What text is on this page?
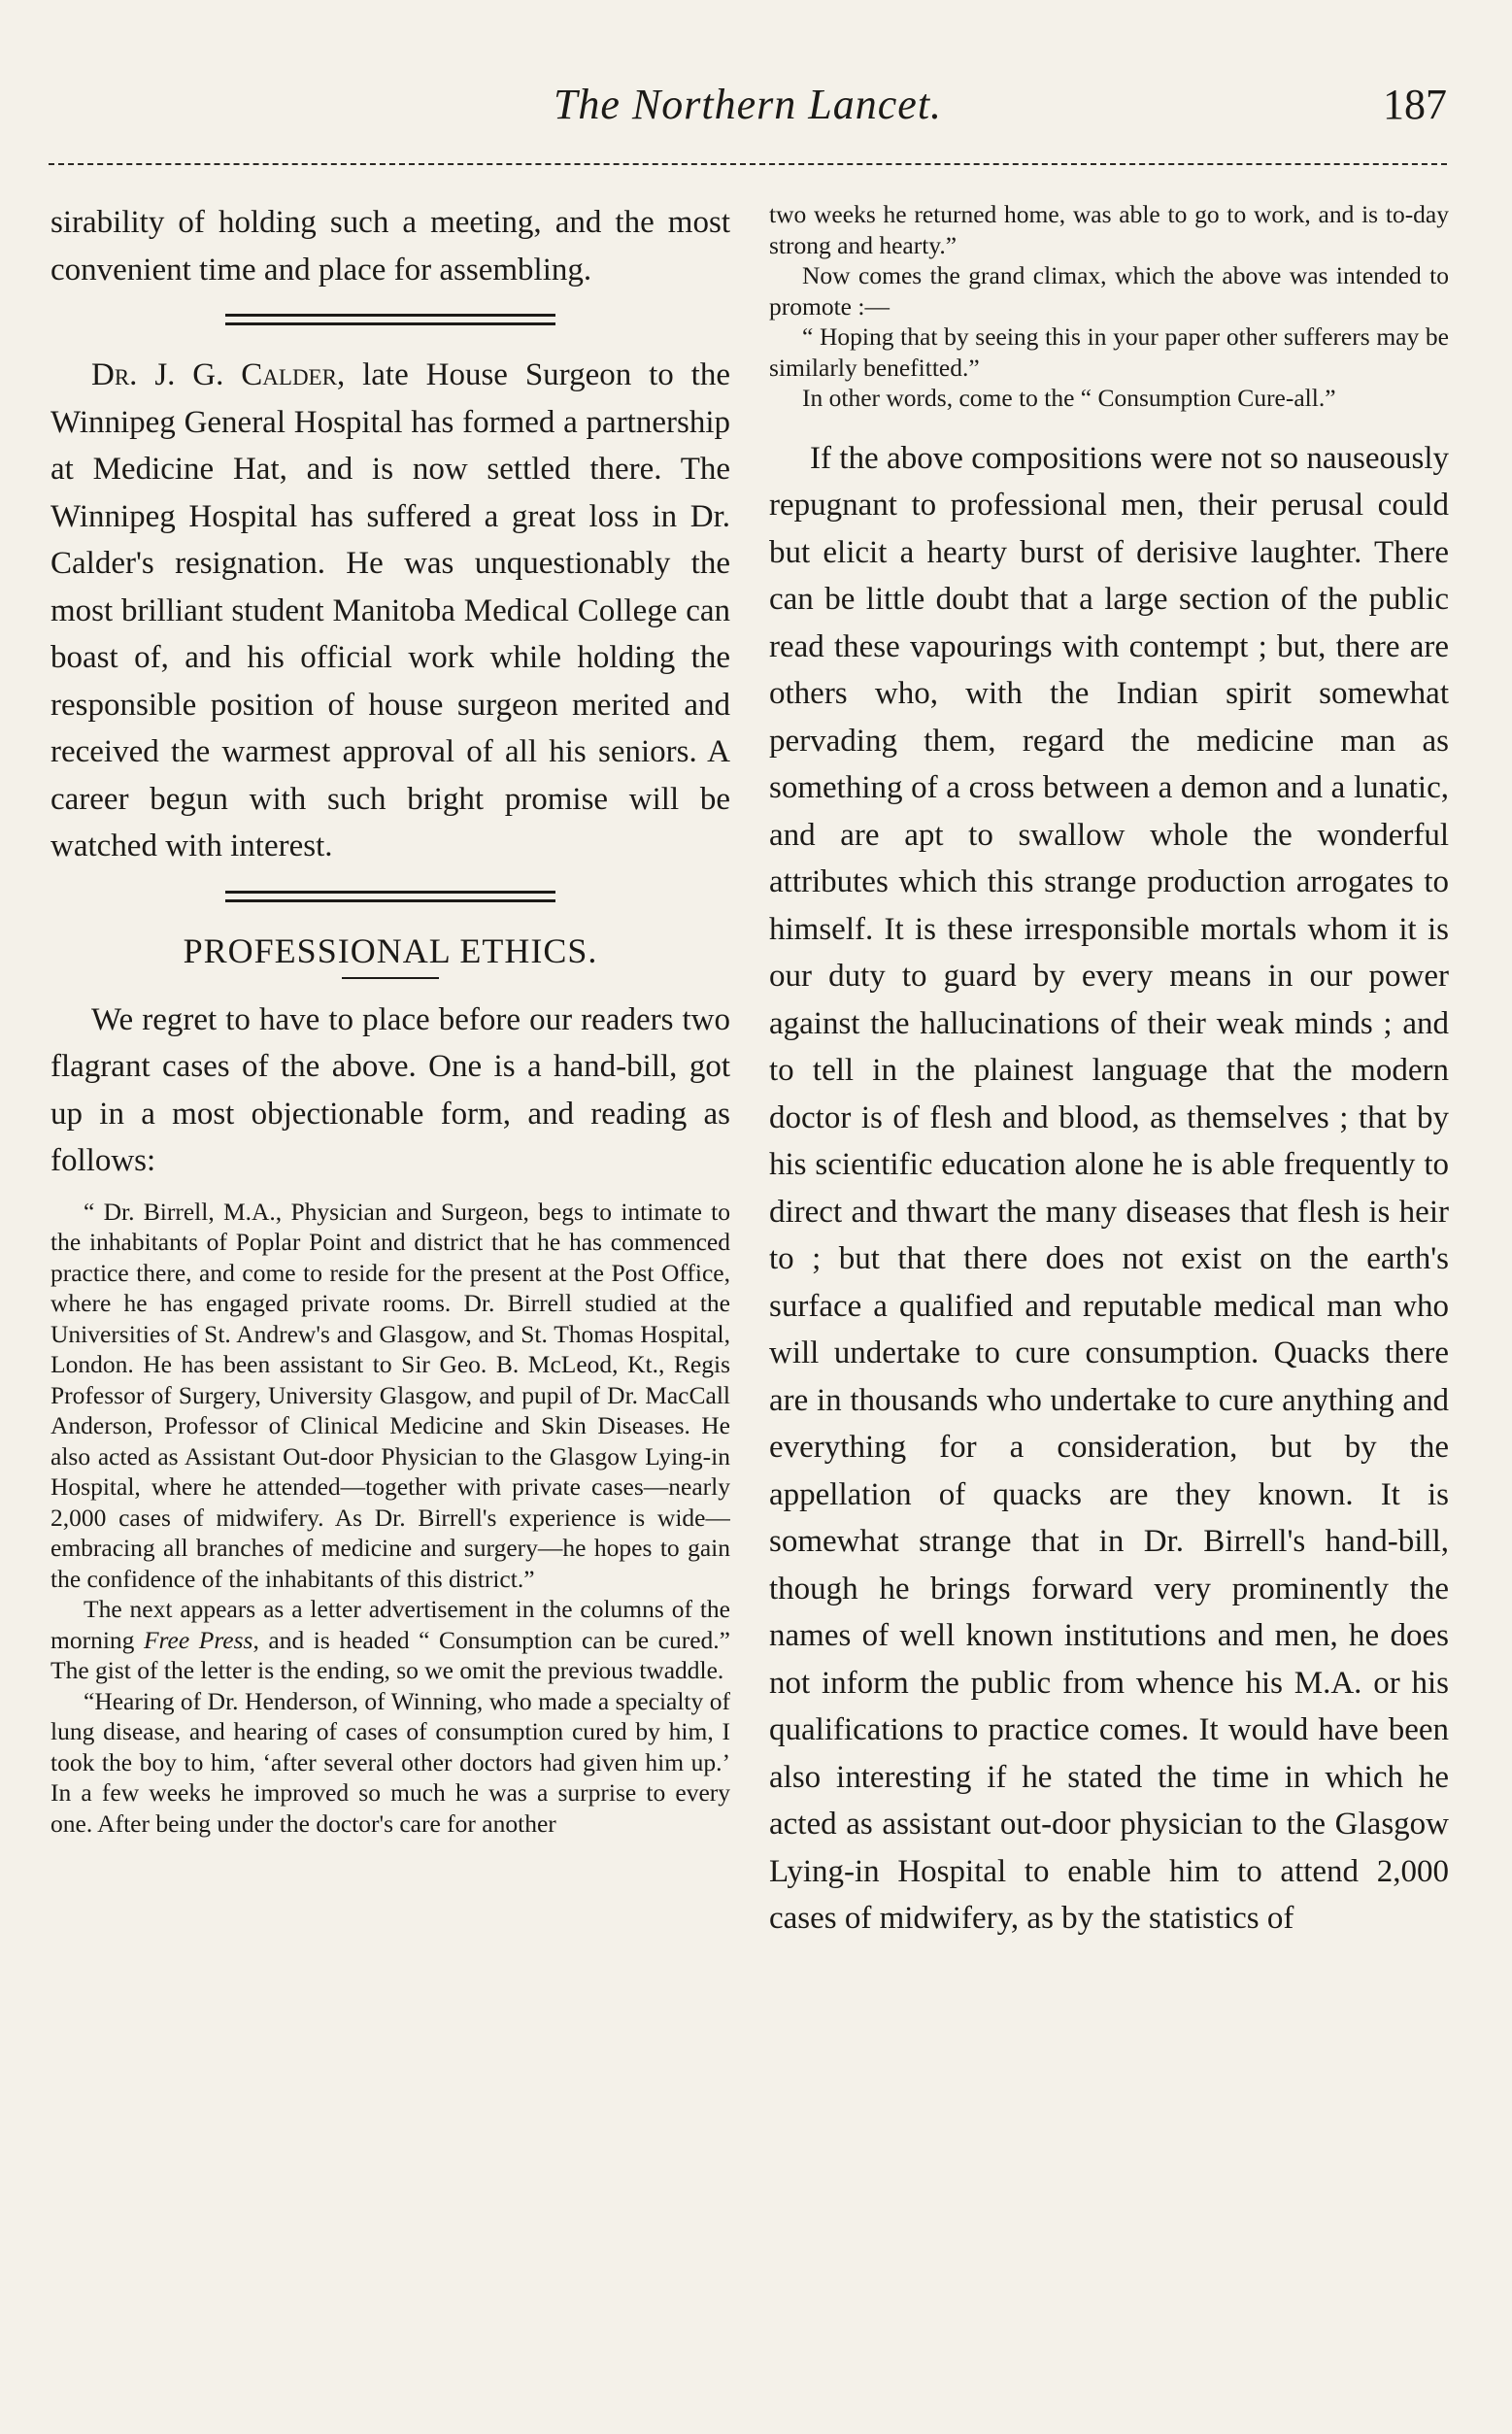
The Northern Lancet.	187

sirability of holding such a meeting, and the most convenient time and place for assembling.

Dr. J. G. Calder, late House Surgeon to the Winnipeg General Hospital has formed a partnership at Medicine Hat, and is now settled there. The Winnipeg Hospital has suffered a great loss in Dr. Calder's resignation. He was unquestionably the most brilliant student Manitoba Medical College can boast of, and his official work while holding the responsible position of house surgeon merited and received the warmest approval of all his seniors. A career begun with such bright promise will be watched with interest.

PROFESSIONAL ETHICS.

We regret to have to place before our readers two flagrant cases of the above. One is a hand-bill, got up in a most objectionable form, and reading as follows:

“ Dr. Birrell, M.A., Physician and Surgeon, begs to intimate to the inhabitants of Poplar Point and district that he has commenced practice there, and come to reside for the present at the Post Office, where he has engaged private rooms. Dr. Birrell studied at the Universities of St. Andrew's and Glasgow, and St. Thomas Hospital, London. He has been assistant to Sir Geo. B. McLeod, Kt., Regis Professor of Surgery, University Glasgow, and pupil of Dr. MacCall Anderson, Professor of Clinical Medicine and Skin Diseases. He also acted as Assistant Out-door Physician to the Glasgow Lying-in Hospital, where he attended—together with private cases—nearly 2,000 cases of midwifery. As Dr. Birrell's experience is wide—embracing all branches of medicine and surgery—he hopes to gain the confidence of the inhabitants of this district.”

The next appears as a letter advertisement in the columns of the morning Free Press, and is headed “ Consumption can be cured.” The gist of the letter is the ending, so we omit the previous twaddle.

“Hearing of Dr. Henderson, of Winning, who made a specialty of lung disease, and hearing of cases of consumption cured by him, I took the boy to him, ‘after several other doctors had given him up.’ In a few weeks he improved so much he was a surprise to every one. After being under the doctor's care for another

two weeks he returned home, was able to go to work, and is to-day strong and hearty.”

Now comes the grand climax, which the above was intended to promote :—

“ Hoping that by seeing this in your paper other sufferers may be similarly benefitted.”

In other words, come to the “ Consumption Cure-all.”

If the above compositions were not so nauseously repugnant to professional men, their perusal could but elicit a hearty burst of derisive laughter. There can be little doubt that a large section of the public read these vapourings with contempt ; but, there are others who, with the Indian spirit somewhat pervading them, regard the medicine man as something of a cross between a demon and a lunatic, and are apt to swallow whole the wonderful attributes which this strange production arrogates to himself. It is these irresponsible mortals whom it is our duty to guard by every means in our power against the hallucinations of their weak minds ; and to tell in the plainest language that the modern doctor is of flesh and blood, as themselves ; that by his scientific education alone he is able frequently to direct and thwart the many diseases that flesh is heir to ; but that there does not exist on the earth's surface a qualified and reputable medical man who will undertake to cure consumption. Quacks there are in thousands who undertake to cure anything and everything for a consideration, but by the appellation of quacks are they known. It is somewhat strange that in Dr. Birrell's hand-bill, though he brings forward very prominently the names of well known institutions and men, he does not inform the public from whence his M.A. or his qualifications to practice comes. It would have been also interesting if he stated the time in which he acted as assistant out-door physician to the Glasgow Lying-in Hospital to enable him to attend 2,000 cases of midwifery, as by the statistics of
